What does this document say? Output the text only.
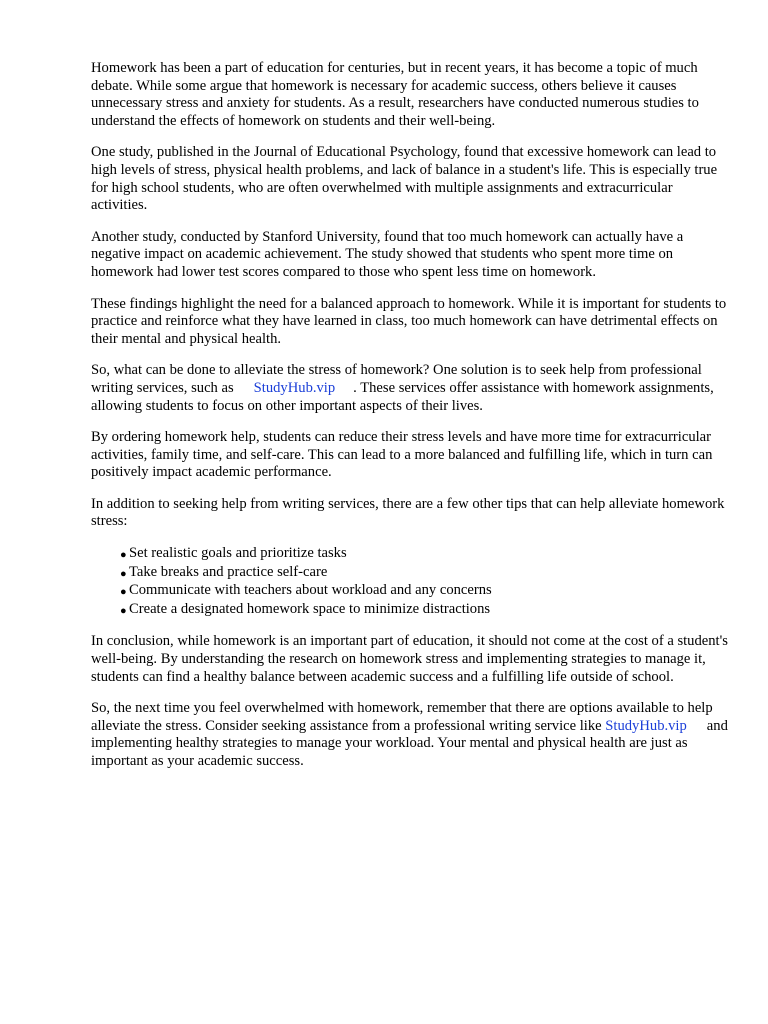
Homework has been a part of education for centuries, but in recent years, it has become a topic of much debate. While some argue that homework is necessary for academic success, others believe it causes unnecessary stress and anxiety for students. As a result, researchers have conducted numerous studies to understand the effects of homework on students and their well-being.

One study, published in the Journal of Educational Psychology, found that excessive homework can lead to high levels of stress, physical health problems, and lack of balance in a student's life. This is especially true for high school students, who are often overwhelmed with multiple assignments and extracurricular activities.

Another study, conducted by Stanford University, found that too much homework can actually have a negative impact on academic achievement. The study showed that students who spent more time on homework had lower test scores compared to those who spent less time on homework.

These findings highlight the need for a balanced approach to homework. While it is important for students to practice and reinforce what they have learned in class, too much homework can have detrimental effects on their mental and physical health.

So, what can be done to alleviate the stress of homework? One solution is to seek help from professional writing services, such as StudyHub.vip . These services offer assistance with homework assignments, allowing students to focus on other important aspects of their lives.

By ordering homework help, students can reduce their stress levels and have more time for extracurricular activities, family time, and self-care. This can lead to a more balanced and fulfilling life, which in turn can positively impact academic performance.

In addition to seeking help from writing services, there are a few other tips that can help alleviate homework stress:

● Set realistic goals and prioritize tasks
● Take breaks and practice self-care
● Communicate with teachers about workload and any concerns
● Create a designated homework space to minimize distractions

In conclusion, while homework is an important part of education, it should not come at the cost of a student's well-being. By understanding the research on homework stress and implementing strategies to manage it, students can find a healthy balance between academic success and a fulfilling life outside of school.

So, the next time you feel overwhelmed with homework, remember that there are options available to help alleviate the stress. Consider seeking assistance from a professional writing service like StudyHub.vip and implementing healthy strategies to manage your workload. Your mental and physical health are just as important as your academic success.
